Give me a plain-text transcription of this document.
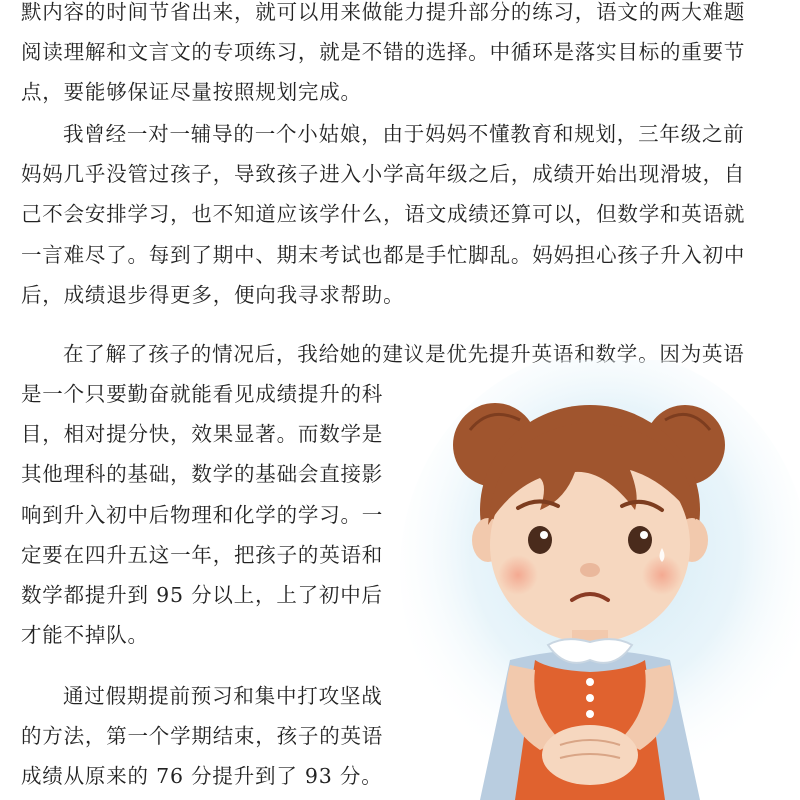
默内容的时间节省出来，就可以用来做能力提升部分的练习，语文的两大难题
阅读理解和文言文的专项练习，就是不错的选择。中循环是落实目标的重要节
点，要能够保证尽量按照规划完成。

我曾经一对一辅导的一个小姑娘，由于妈妈不懂教育和规划，三年级之前
妈妈几乎没管过孩子，导致孩子进入小学高年级之后，成绩开始出现滑坡，自
己不会安排学习，也不知道应该学什么，语文成绩还算可以，但数学和英语就
一言难尽了。每到了期中、期末考试也都是手忙脚乱。妈妈担心孩子升入初中
后，成绩退步得更多，便向我寻求帮助。

在了解了孩子的情况后，我给她的建议是优先提升英语和数学。因为英语

是一个只要勤奋就能看见成绩提升的科
目，相对提分快，效果显著。而数学是
其他理科的基础，数学的基础会直接影
响到升入初中后物理和化学的学习。一
定要在四升五这一年，把孩子的英语和
数学都提升到 95 分以上，上了初中后
才能不掉队。

通过假期提前预习和集中打攻坚战
的方法，第一个学期结束，孩子的英语
成绩从原来的 76 分提升到了 93 分。
